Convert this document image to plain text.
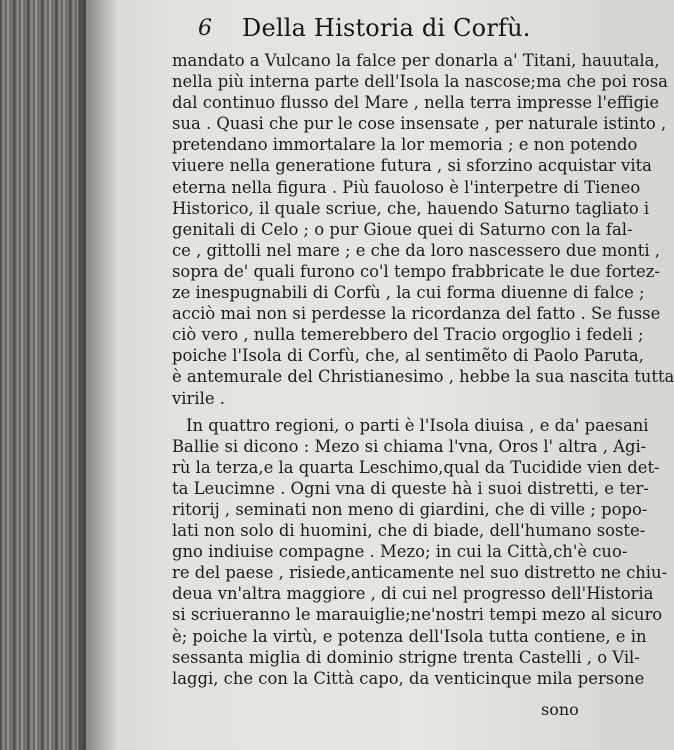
6 Della Historia di Corfù.
mandato a Vulcano la falce per donarla a' Titani, hauutala,
nella più interna parte dell'Isola la nascose;ma che poi rosa
dal continuo flusso del Mare , nella terra impresse l'effigie
sua . Quasi che pur le cose insensate , per naturale istinto ,
pretendano immortalare la lor memoria ; e non potendo
viuere nella generatione futura , si sforzino acquistar vita
eterna nella figura . Più fauoloso è l'interpetre di Tieneo
Historico, il quale scriue, che, hauendo Saturno tagliato i
genitali di Celo ; o pur Gioue quei di Saturno con la fal-
ce , gittolli nel mare ; e che da loro nascessero due monti ,
sopra de' quali furono co'l tempo frabbricate le due fortez-
ze inespugnabili di Corfù , la cui forma diuenne di falce ;
acciò mai non si perdesse la ricordanza del fatto . Se fusse
ciò vero , nulla temerebbero del Tracio orgoglio i fedeli ;
poiche l'Isola di Corfù, che, al sentimẽto di Paolo Paruta,
è antemurale del Christianesimo , hebbe la sua nascita tutta
virile .
In quattro regioni, o parti è l'Isola diuisa , e da' paesani
Ballie si dicono : Mezo si chiama l'vna, Oros l' altra , Agi-
rù la terza,e la quarta Leschimo,qual da Tucidide vien det-
ta Leucimne . Ogni vna di queste hà i suoi distretti, e ter-
ritorij , seminati non meno di giardini, che di ville ; popo-
lati non solo di huomini, che di biade, dell'humano soste-
gno indiuise compagne . Mezo; in cui la Città,ch'è cuo-
re del paese , risiede,anticamente nel suo distretto ne chiu-
deua vn'altra maggiore , di cui nel progresso dell'Historia
si scriueranno le marauiglie;ne'nostri tempi mezo al sicuro
è; poiche la virtù, e potenza dell'Isola tutta contiene, e in
sessanta miglia di dominio strigne trenta Castelli , o Vil-
laggi, che con la Città capo, da venticinque mila persone
sono
